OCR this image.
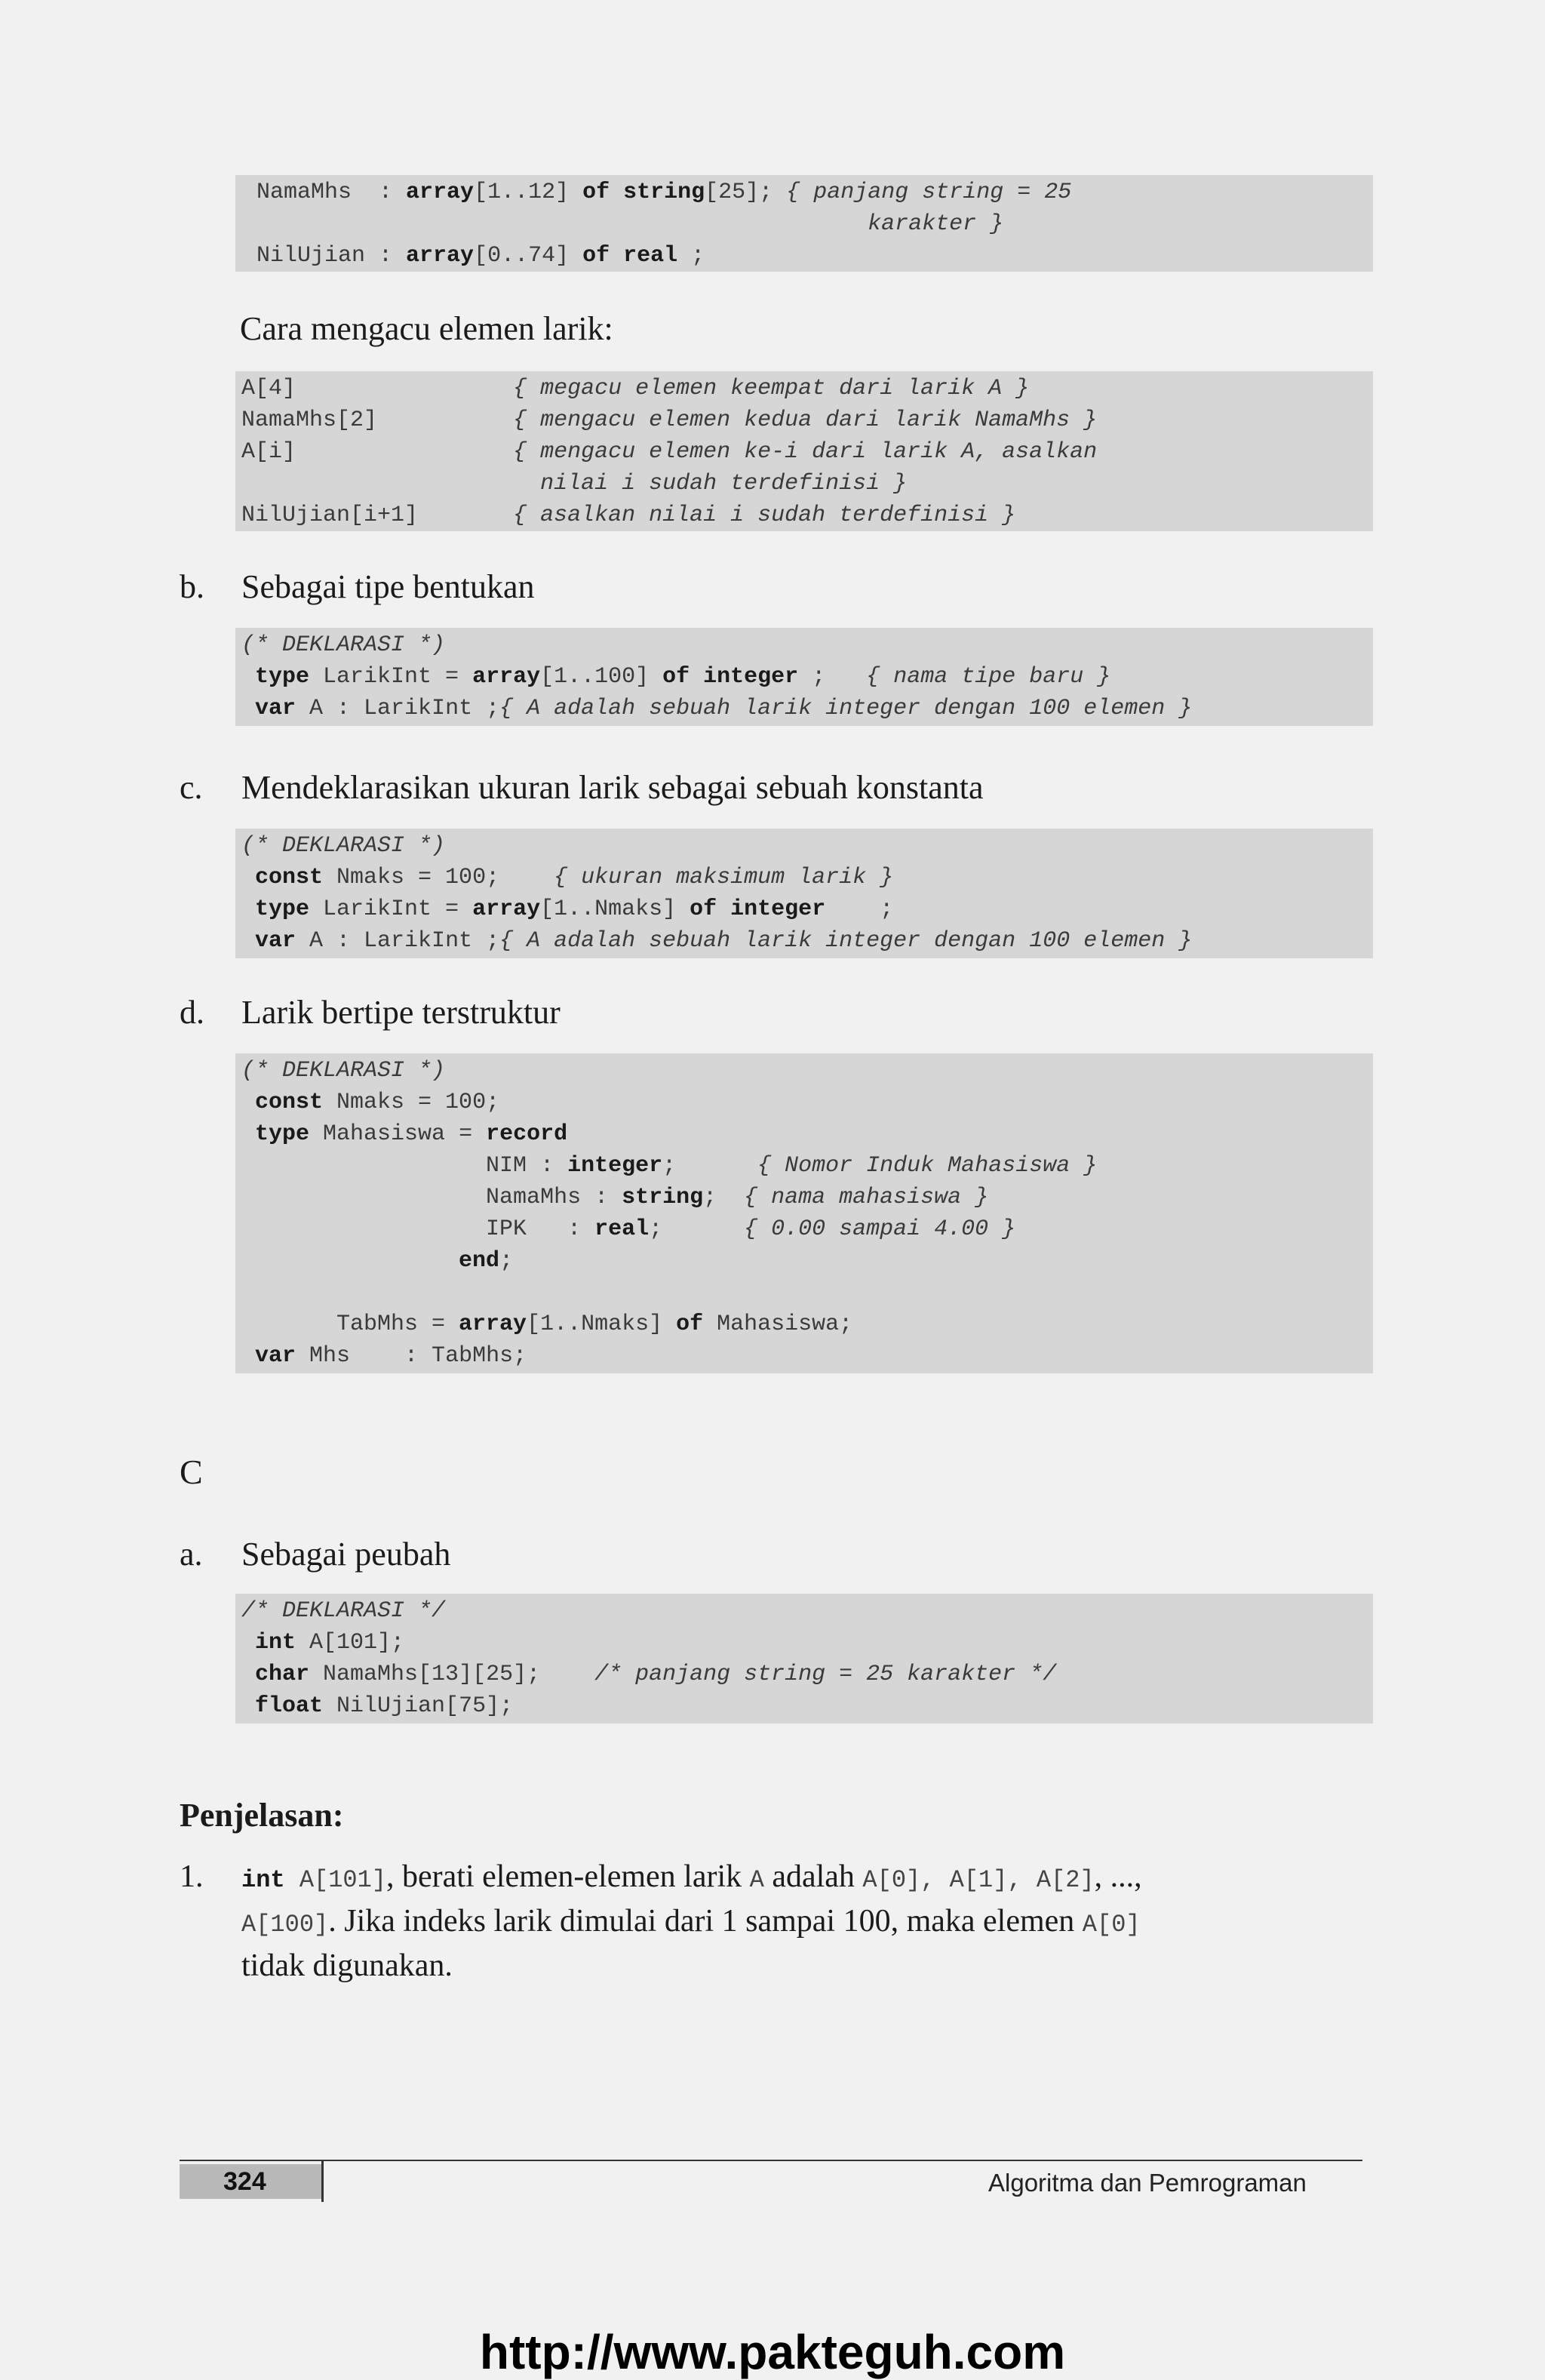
NamaMhs  : array[1..12] of string[25]; { panjang string = 25
karakter }
NilUjian : array[0..74] of real ;
Cara mengacu elemen larik:
A[4]                { megacu elemen keempat dari larik A }
NamaMhs[2]          { mengacu elemen kedua dari larik NamaMhs }
A[i]                { mengacu elemen ke-i dari larik A, asalkan
nilai i sudah terdefinisi }
NilUjian[i+1]       { asalkan nilai i sudah terdefinisi }
b. Sebagai tipe bentukan
(* DEKLARASI *)
type LarikInt = array[1..100] of integer ;   { nama tipe baru }
var A : LarikInt ;{ A adalah sebuah larik integer dengan 100 elemen }
c. Mendeklarasikan ukuran larik sebagai sebuah konstanta
(* DEKLARASI *)
const Nmaks = 100;    { ukuran maksimum larik }
type LarikInt = array[1..Nmaks] of integer    ;
var A : LarikInt ;{ A adalah sebuah larik integer dengan 100 elemen }
d. Larik bertipe terstruktur
(* DEKLARASI *)
const Nmaks = 100;
type Mahasiswa = record
NIM : integer;      { Nomor Induk Mahasiswa }
NamaMhs : string;  { nama mahasiswa }
IPK   : real;      { 0.00 sampai 4.00 }
end;
TabMhs = array[1..Nmaks] of Mahasiswa;
var Mhs    : TabMhs;
C
a. Sebagai peubah
/* DEKLARASI */
int A[101];
char NamaMhs[13][25];    /* panjang string = 25 karakter */
float NilUjian[75];
Penjelasan:
1. int A[101], berati elemen-elemen larik A adalah A[0], A[1], A[2], ...,
A[100]. Jika indeks larik dimulai dari 1 sampai 100, maka elemen A[0]
tidak digunakan.
324	Algoritma dan Pemrograman
http://www.pakteguh.com
